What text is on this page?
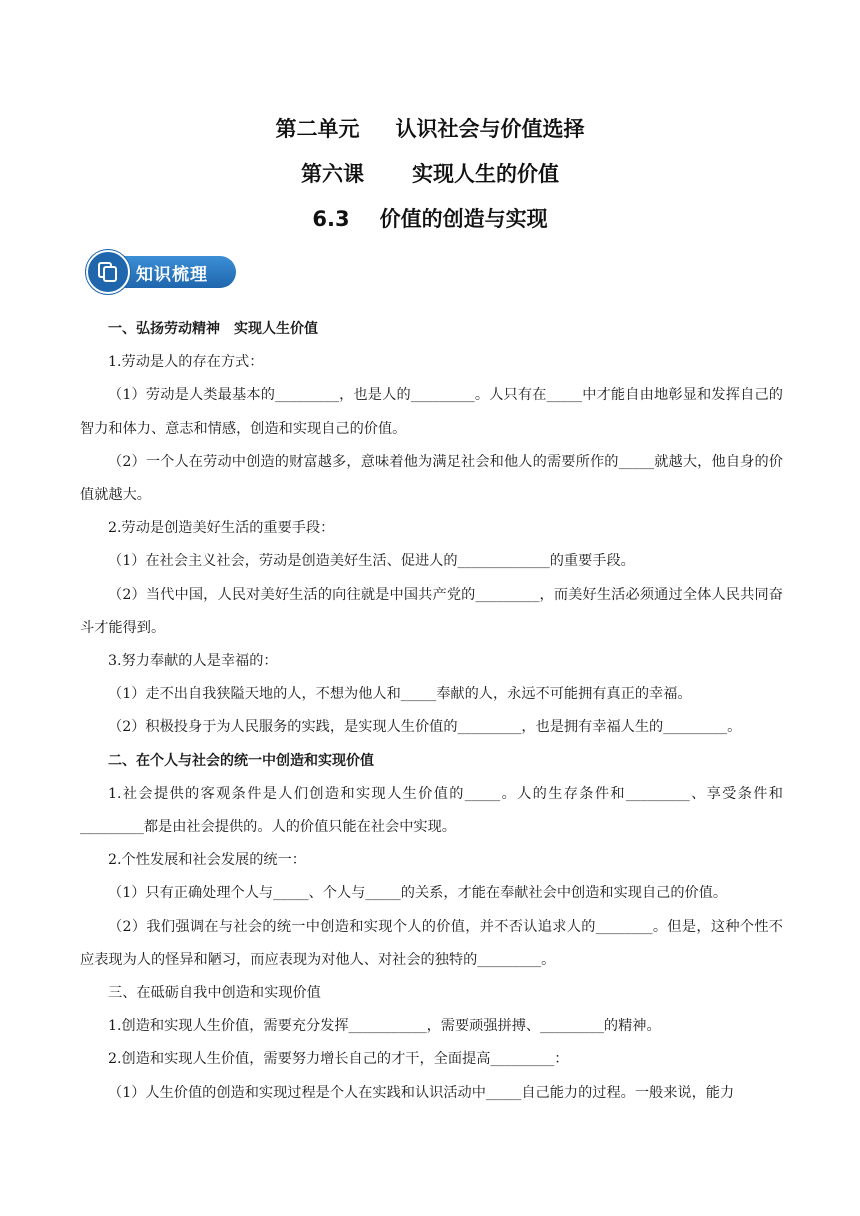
第二单元 认识社会与价值选择
第六课 实现人生的价值
6.3 价值的创造与实现
知识梳理

一、弘扬劳动精神　实现人生价值

1.劳动是人的存在方式：

（1）劳动是人类最基本的_________，也是人的_________。人只有在_____中才能自由地彰显和发挥自己的智力和体力、意志和情感，创造和实现自己的价值。

（2）一个人在劳动中创造的财富越多，意味着他为满足社会和他人的需要所作的_____就越大，他自身的价值就越大。

2.劳动是创造美好生活的重要手段：

（1）在社会主义社会，劳动是创造美好生活、促进人的_____________的重要手段。

（2）当代中国，人民对美好生活的向往就是中国共产党的_________，而美好生活必须通过全体人民共同奋斗才能得到。

3.努力奉献的人是幸福的：

（1）走不出自我狭隘天地的人，不想为他人和_____奉献的人，永远不可能拥有真正的幸福。

（2）积极投身于为人民服务的实践，是实现人生价值的_________，也是拥有幸福人生的_________。

二、在个人与社会的统一中创造和实现价值

1.社会提供的客观条件是人们创造和实现人生价值的_____。人的生存条件和_________、享受条件和_________都是由社会提供的。人的价值只能在社会中实现。

2.个性发展和社会发展的统一：

（1）只有正确处理个人与_____、个人与_____的关系，才能在奉献社会中创造和实现自己的价值。

（2）我们强调在与社会的统一中创造和实现个人的价值，并不否认追求人的________。但是，这种个性不应表现为人的怪异和陋习，而应表现为对他人、对社会的独特的_________。

三、在砥砺自我中创造和实现价值

1.创造和实现人生价值，需要充分发挥___________，需要顽强拼搏、_________的精神。

2.创造和实现人生价值，需要努力增长自己的才干，全面提高_________：

（1）人生价值的创造和实现过程是个人在实践和认识活动中_____自己能力的过程。一般来说，能力
